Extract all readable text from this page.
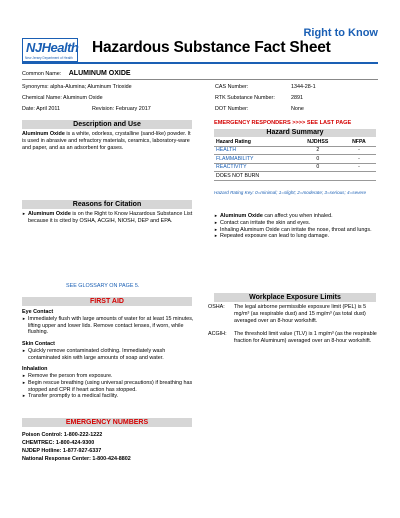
NJHealth
New Jersey Department of Health
Right to Know
Hazardous Substance Fact Sheet
Common Name: ALUMINUM OXIDE
Synonyms: alpha-Alumina; Aluminum Trioxide
Chemical Name: Aluminum Oxide
Date: April 2011	Revision: February 2017
CAS Number:	1344-28-1
RTK Substance Number:	2891
DOT Number:	None
Description and Use
Aluminum Oxide is a white, odorless, crystalline (sand-like) powder. It is used in abrasive and refractory materials, ceramics, laboratory-ware and paper, and as an adsorbent for gases.
EMERGENCY RESPONDERS >>>> SEE LAST PAGE
Hazard Summary
Hazard Rating	NJDHSS	NFPA
HEALTH	2	-
FLAMMABILITY	0	-
REACTIVITY	0	-
DOES NOT BURN		
Hazard Rating Key: 0=minimal; 1=slight; 2=moderate; 3=serious; 4=severe
Reasons for Citation
► Aluminum Oxide is on the Right to Know Hazardous Substance List because it is cited by OSHA, ACGIH, NIOSH, DEP and EPA.
► Aluminum Oxide can affect you when inhaled.
► Contact can irritate the skin and eyes.
► Inhaling Aluminum Oxide can irritate the nose, throat and lungs.
► Repeated exposure can lead to lung damage.
SEE GLOSSARY ON PAGE 5.
FIRST AID
Eye Contact
► Immediately flush with large amounts of water for at least 15 minutes, lifting upper and lower lids. Remove contact lenses, if worn, while flushing.
Skin Contact
► Quickly remove contaminated clothing. Immediately wash contaminated skin with large amounts of soap and water.
Inhalation
► Remove the person from exposure.
► Begin rescue breathing (using universal precautions) if breathing has stopped and CPR if heart action has stopped.
► Transfer promptly to a medical facility.
EMERGENCY NUMBERS
Poison Control: 1-800-222-1222
CHEMTREC: 1-800-424-9300
NJDEP Hotline: 1-877-927-6337
National Response Center: 1-800-424-8802
Workplace Exposure Limits
OSHA:	The legal airborne permissible exposure limit (PEL) is 5 mg/m³ (as respirable dust) and 15 mg/m³ (as total dust) averaged over an 8-hour workshift.
ACGIH:	The threshold limit value (TLV) is 1 mg/m³ (as the respirable fraction for Aluminum) averaged over an 8-hour workshift.
